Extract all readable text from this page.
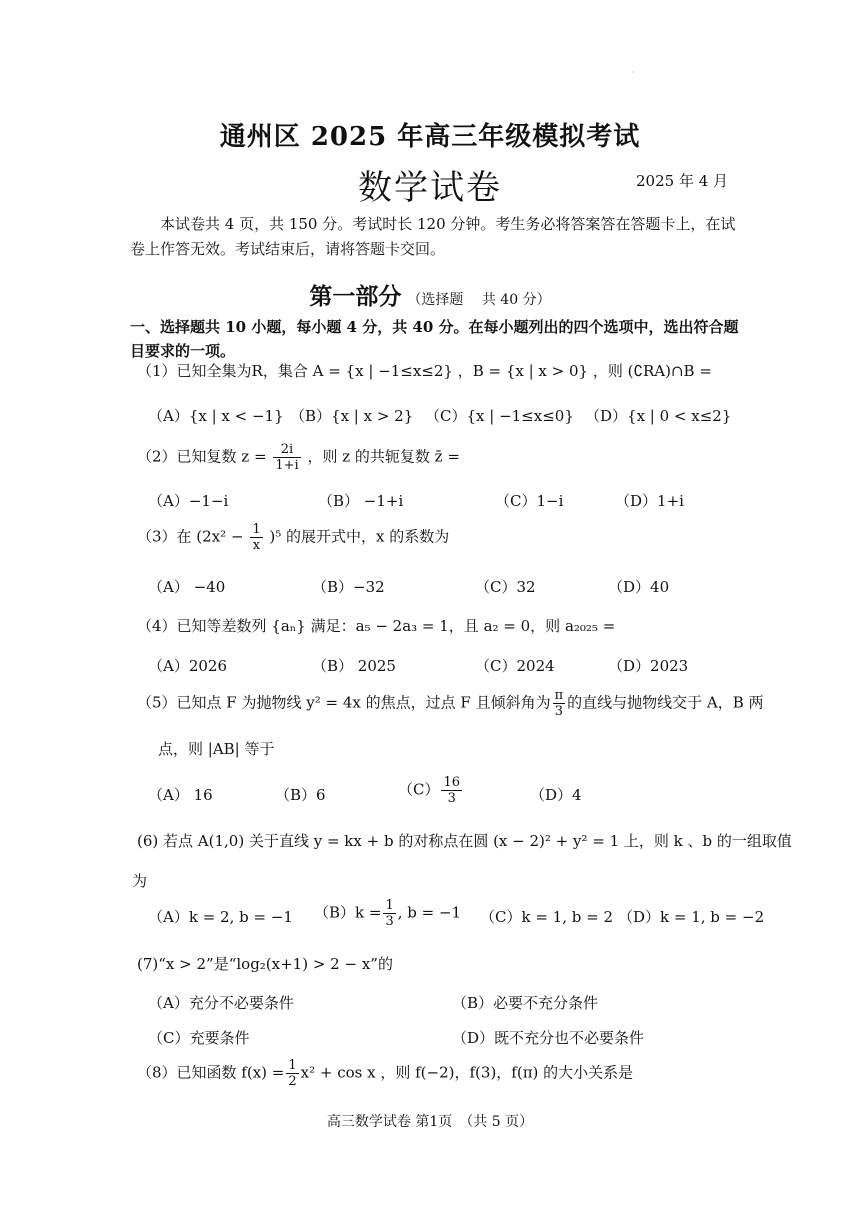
·
通州区 2025 年高三年级模拟考试
数学试卷	2025 年 4 月
本试卷共 4 页，共 150 分。考试时长 120 分钟。考生务必将答案答在答题卡上，在试卷上作答无效。考试结束后，请将答题卡交回。
第一部分 （选择题　 共 40 分）
一、选择题共 10 小题，每小题 4 分，共 40 分。在每小题列出的四个选项中，选出符合题目要求的一项。
（1）已知全集为R，集合 A = {x | −1≤x≤2} ，B = {x | x > 0} ，则 (∁RA)∩B =
（A）{x | x < −1} （B）{x | x > 2} （C）{x | −1≤x≤0} （D）{x | 0 < x≤2}
（2）已知复数 $z = \frac{2i}{1+i}$ ，则 z 的共轭复数 z̄ =
（A）−1−i	（B） −1+i	（C）1−i	（D）1+i
（3）在 $(2x^2 - \frac{1}{x} )^5$ 的展开式中，x 的系数为
（A） −40	（B）−32	（C）32	（D）40
（4）已知等差数列 {aₙ} 满足：a₅ − 2a₃ = 1，且 a₂ = 0，则 a₂₀₂₅ =
（A）2026	（B） 2025	（C）2024	（D）2023
（5）已知点 F 为抛物线 y² = 4x 的焦点，过点 F 且倾斜角为 $\frac{\pi}{3}$ 的直线与抛物线交于 A，B 两
点，则 |AB| 等于
（A） 16	（B）6	$(C) \frac{16}{3}$	（D）4
(6) 若点 A(1,0) 关于直线 y = kx + b 的对称点在圆 (x − 2)² + y² = 1 上，则 k 、b 的一组取值
为
（A）k = 2, b = −1 $(B)k = \frac{1}{3}$ , b = −1 （C）k = 1, b = 2 （D）k = 1, b = −2
(7)“x > 2”是“log₂(x+1) > 2 − x”的
（A）充分不必要条件	（B）必要不充分条件
（C）充要条件	（D）既不充分也不必要条件
（8）已知函数 $f(x) = \frac{1}{2} x^2 + \cos x$ ，则 f(−2)，f(3)，f(π) 的大小关系是
高三数学试卷 第1页　（共 5 页）
